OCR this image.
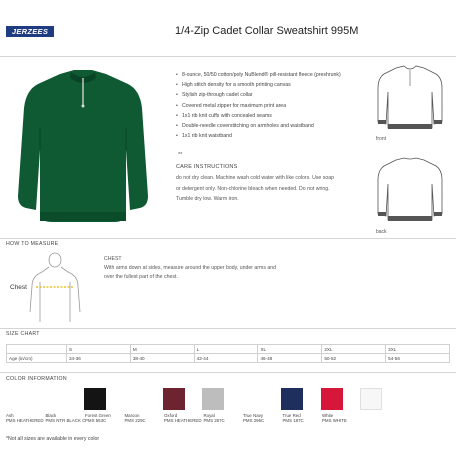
JERZEES	1/4-Zip Cadet Collar Sweatshirt 995M
• 8-ounce, 50/50 cotton/poly NuBlend® pill-resistant fleece (preshrunk)
• High stitch density for a smooth printing canvas
• Stylish zip-through cadet collar
• Covered metal zipper for maximum print area
• 1x1 rib knit cuffs with concealed seams
• Double-needle coverstitching on armholes and waistband
• 1x1 rib knit waistband
**
CARE INSTRUCTIONS
do not dry clean. Machine wash cold water with like colors. Use soap or detergent only. Non-chlorine bleach when needed. Do not wring. Tumble dry low. Warm iron.
front
back
HOW TO MEASURE
Chest
CHEST
With arms down at sides, measure around the upper body, under arms and over the fullest part of the chest.
SIZE CHART
	S	M	L	XL	2XL	3XL
Age (in/cm)	34-36	38-40	42-44	46-48	50-52	54-56
COLOR INFORMATION
Ash
PMS HEATHERED
Black
PMS NTR BLACK C
Forest Green
PMS 553C
Maroon
PMS 229C
Oxford
PMS HEATHERED
Royal
PMS 287C
True Navy
PMS 296C
True Red
PMS 187C
White
PMS WHITE
*Not all sizes are available in every color
